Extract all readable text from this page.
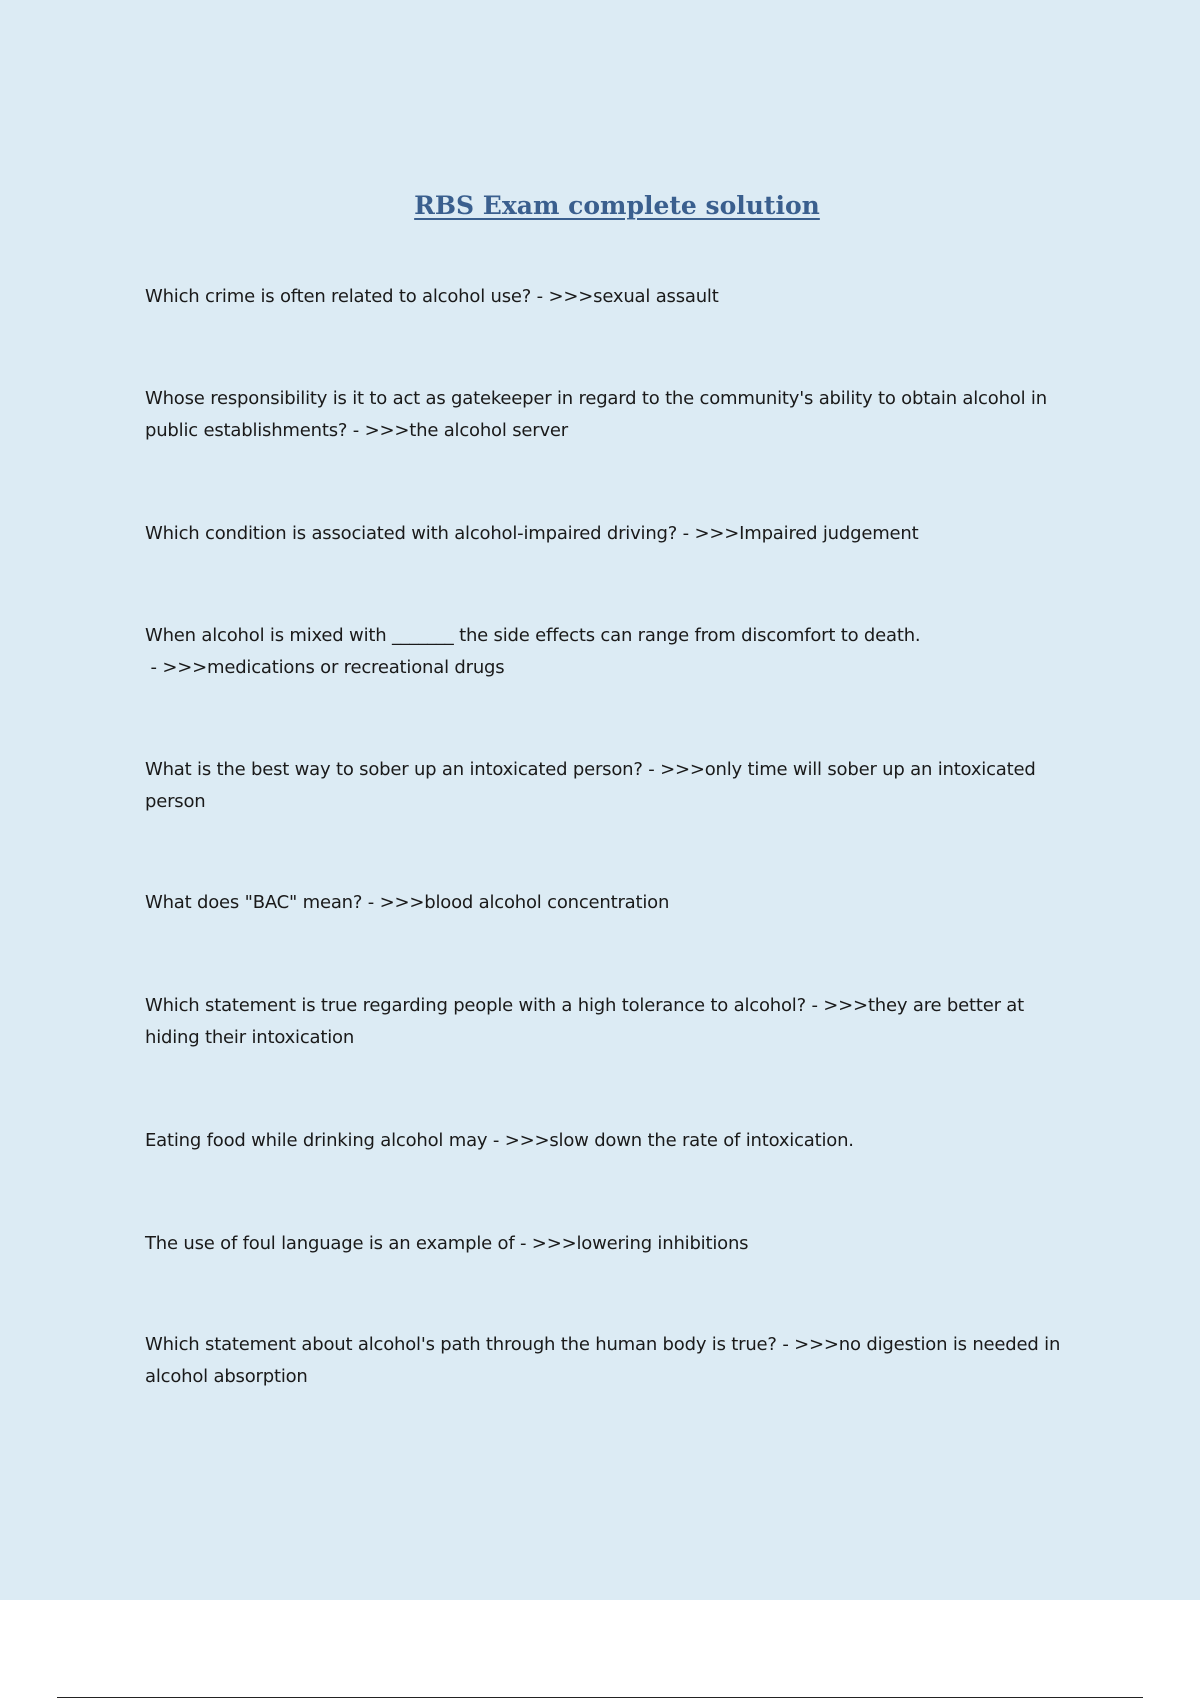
RBS Exam complete solution

Which crime is often related to alcohol use? - >>>sexual assault

Whose responsibility is it to act as gatekeeper in regard to the community's ability to obtain alcohol in public establishments? - >>>the alcohol server

Which condition is associated with alcohol-impaired driving? - >>>Impaired judgement

When alcohol is mixed with _______ the side effects can range from discomfort to death. - >>>medications or recreational drugs

What is the best way to sober up an intoxicated person? - >>>only time will sober up an intoxicated person

What does "BAC" mean? - >>>blood alcohol concentration

Which statement is true regarding people with a high tolerance to alcohol? - >>>they are better at hiding their intoxication

Eating food while drinking alcohol may - >>>slow down the rate of intoxication.

The use of foul language is an example of - >>>lowering inhibitions

Which statement about alcohol's path through the human body is true? - >>>no digestion is needed in alcohol absorption
